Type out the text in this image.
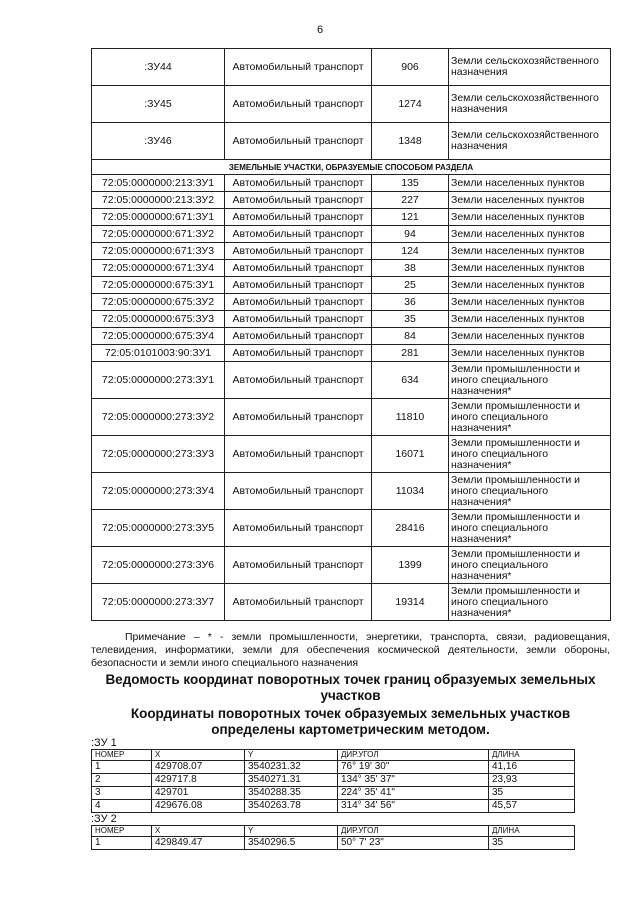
6
:ЗУ44	Автомобильный транспорт	906	Земли сельскохозяйственного назначения
:ЗУ45	Автомобильный транспорт	1274	Земли сельскохозяйственного назначения
:ЗУ46	Автомобильный транспорт	1348	Земли сельскохозяйственного назначения
ЗЕМЕЛЬНЫЕ УЧАСТКИ, ОБРАЗУЕМЫЕ СПОСОБОМ РАЗДЕЛА			
72:05:0000000:213:ЗУ1	Автомобильный транспорт	135	Земли населенных пунктов
72:05:0000000:213:ЗУ2	Автомобильный транспорт	227	Земли населенных пунктов
72:05:0000000:671:ЗУ1	Автомобильный транспорт	121	Земли населенных пунктов
72:05:0000000:671:ЗУ2	Автомобильный транспорт	94	Земли населенных пунктов
72:05:0000000:671:ЗУ3	Автомобильный транспорт	124	Земли населенных пунктов
72:05:0000000:671:ЗУ4	Автомобильный транспорт	38	Земли населенных пунктов
72:05:0000000:675:ЗУ1	Автомобильный транспорт	25	Земли населенных пунктов
72:05:0000000:675:ЗУ2	Автомобильный транспорт	36	Земли населенных пунктов
72:05:0000000:675:ЗУ3	Автомобильный транспорт	35	Земли населенных пунктов
72:05:0000000:675:ЗУ4	Автомобильный транспорт	84	Земли населенных пунктов
72:05:0101003:90:ЗУ1	Автомобильный транспорт	281	Земли населенных пунктов
72:05:0000000:273:ЗУ1	Автомобильный транспорт	634	Земли промышленности и иного специального назначения*
72:05:0000000:273:ЗУ2	Автомобильный транспорт	11810	Земли промышленности и иного специального назначения*
72:05:0000000:273:ЗУ3	Автомобильный транспорт	16071	Земли промышленности и иного специального назначения*
72:05:0000000:273:ЗУ4	Автомобильный транспорт	11034	Земли промышленности и иного специального назначения*
72:05:0000000:273:ЗУ5	Автомобильный транспорт	28416	Земли промышленности и иного специального назначения*
72:05:0000000:273:ЗУ6	Автомобильный транспорт	1399	Земли промышленности и иного специального назначения*
72:05:0000000:273:ЗУ7	Автомобильный транспорт	19314	Земли промышленности и иного специального назначения*
Примечание – * - земли промышленности, энергетики, транспорта, связи, радиовещания, телевидения, информатики, земли для обеспечения космической деятельности, земли обороны, безопасности и земли иного специального назначения
Ведомость координат поворотных точек границ образуемых земельных участков
Координаты поворотных точек образуемых земельных участков определены картометрическим методом.
:ЗУ 1
НОМЕР	X	Y	ДИР.УГОЛ	ДЛИНА
1	429708.07	3540231.32	76° 19' 30"	41,16
2	429717.8	3540271.31	134° 35' 37"	23,93
3	429701	3540288.35	224° 35' 41"	35
4	429676.08	3540263.78	314° 34' 56"	45,57
:ЗУ 2
НОМЕР	X	Y	ДИР.УГОЛ	ДЛИНА
1	429849.47	3540296.5	50° 7' 23"	35
